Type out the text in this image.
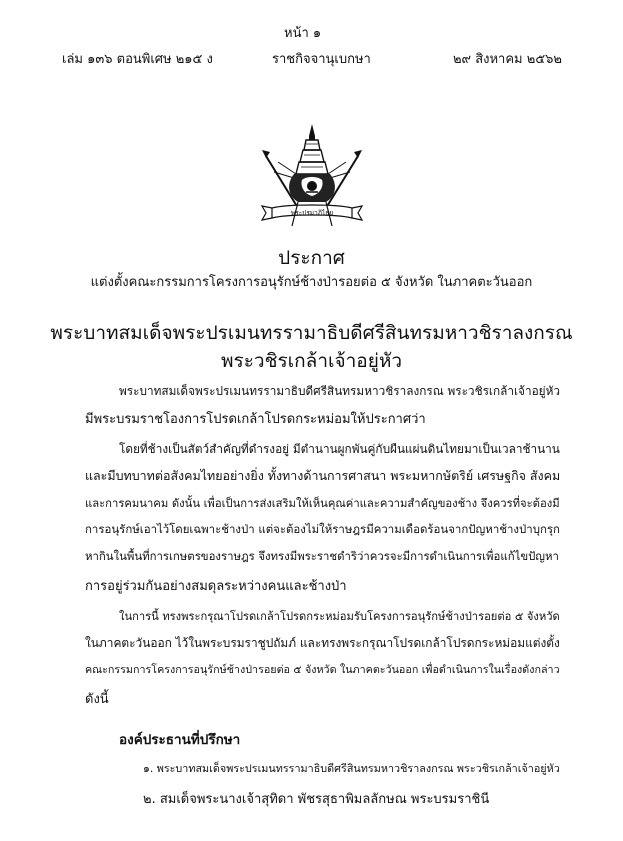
หน้า ๑
เล่ม ๑๓๖ ตอนพิเศษ ๒๑๕ ง	ราชกิจจานุเบกษา	๒๙ สิงหาคม ๒๕๖๒
พระปรมาภิไธย
ประกาศ
แต่งตั้งคณะกรรมการโครงการอนุรักษ์ช้างป่ารอยต่อ ๕ จังหวัด ในภาคตะวันออก
พระบาทสมเด็จพระปรเมนทรรามาธิบดีศรีสินทรมหาวชิราลงกรณ
พระวชิรเกล้าเจ้าอยู่หัว
พระบาทสมเด็จพระปรเมนทรรามาธิบดีศรีสินทรมหาวชิราลงกรณ พระวชิรเกล้าเจ้าอยู่หัว
มีพระบรมราชโองการโปรดเกล้าโปรดกระหม่อมให้ประกาศว่า
โดยที่ช้างเป็นสัตว์สำคัญที่ดำรงอยู่ มีตำนานผูกพันคู่กับผืนแผ่นดินไทยมาเป็นเวลาช้านาน
และมีบทบาทต่อสังคมไทยอย่างยิ่ง ทั้งทางด้านการศาสนา พระมหากษัตริย์ เศรษฐกิจ สังคม
และการคมนาคม ดังนั้น เพื่อเป็นการส่งเสริมให้เห็นคุณค่าและความสำคัญของช้าง จึงควรที่จะต้องมี
การอนุรักษ์เอาไว้โดยเฉพาะช้างป่า แต่จะต้องไม่ให้ราษฎรมีความเดือดร้อนจากปัญหาช้างป่าบุกรุก
หากินในพื้นที่การเกษตรของราษฎร จึงทรงมีพระราชดำริว่าควรจะมีการดำเนินการเพื่อแก้ไขปัญหา
การอยู่ร่วมกันอย่างสมดุลระหว่างคนและช้างป่า
ในการนี้ ทรงพระกรุณาโปรดเกล้าโปรดกระหม่อมรับโครงการอนุรักษ์ช้างป่ารอยต่อ ๕ จังหวัด
ในภาคตะวันออก ไว้ในพระบรมราชูปถัมภ์ และทรงพระกรุณาโปรดเกล้าโปรดกระหม่อมแต่งตั้ง
คณะกรรมการโครงการอนุรักษ์ช้างป่ารอยต่อ ๕ จังหวัด ในภาคตะวันออก เพื่อดำเนินการในเรื่องดังกล่าว
ดังนี้
องค์ประธานที่ปรึกษา
๑. พระบาทสมเด็จพระปรเมนทรรามาธิบดีศรีสินทรมหาวชิราลงกรณ พระวชิรเกล้าเจ้าอยู่หัว
๒. สมเด็จพระนางเจ้าสุทิดา พัชรสุธาพิมลลักษณ พระบรมราชินี
